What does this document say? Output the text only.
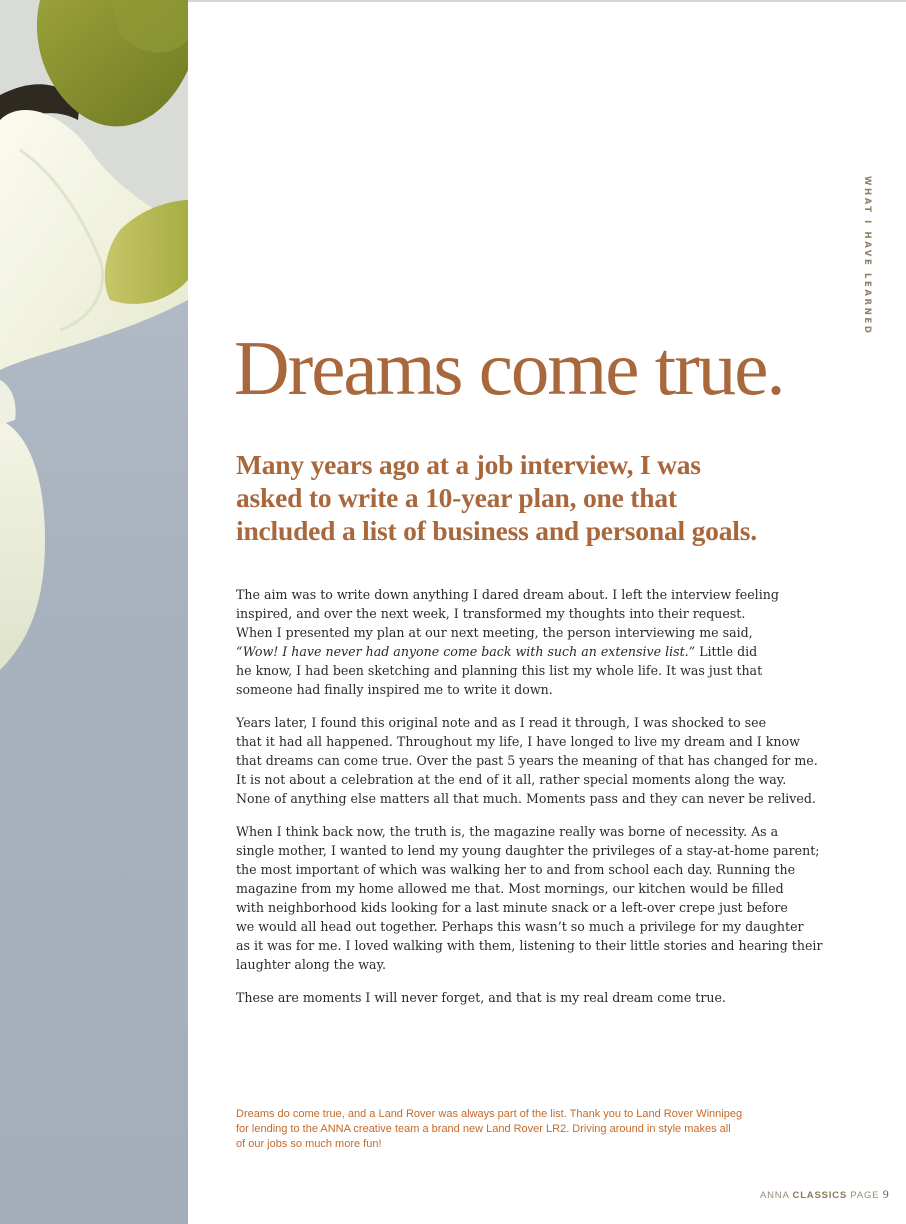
WHAT I HAVE LEARNED
Dreams come true.
Many years ago at a job interview, I was
asked to write a 10-year plan, one that
included a list of business and personal goals.

The aim was to write down anything I dared dream about. I left the interview feeling
inspired, and over the next week, I transformed my thoughts into their request.
When I presented my plan at our next meeting, the person interviewing me said,
“Wow! I have never had anyone come back with such an extensive list.” Little did
he know, I had been sketching and planning this list my whole life. It was just that
someone had finally inspired me to write it down.

Years later, I found this original note and as I read it through, I was shocked to see
that it had all happened. Throughout my life, I have longed to live my dream and I know
that dreams can come true. Over the past 5 years the meaning of that has changed for me.
It is not about a celebration at the end of it all, rather special moments along the way.
None of anything else matters all that much. Moments pass and they can never be relived.

When I think back now, the truth is, the magazine really was borne of necessity. As a
single mother, I wanted to lend my young daughter the privileges of a stay-at-home parent;
the most important of which was walking her to and from school each day. Running the
magazine from my home allowed me that. Most mornings, our kitchen would be filled
with neighborhood kids looking for a last minute snack or a left-over crepe just before
we would all head out together. Perhaps this wasn’t so much a privilege for my daughter
as it was for me. I loved walking with them, listening to their little stories and hearing their
laughter along the way.

These are moments I will never forget, and that is my real dream come true.

Dreams do come true, and a Land Rover was always part of the list. Thank you to Land Rover Winnipeg
for lending to the ANNA creative team a brand new Land Rover LR2. Driving around in style makes all
of our jobs so much more fun!
ANNA CLASSICS PAGE 9
